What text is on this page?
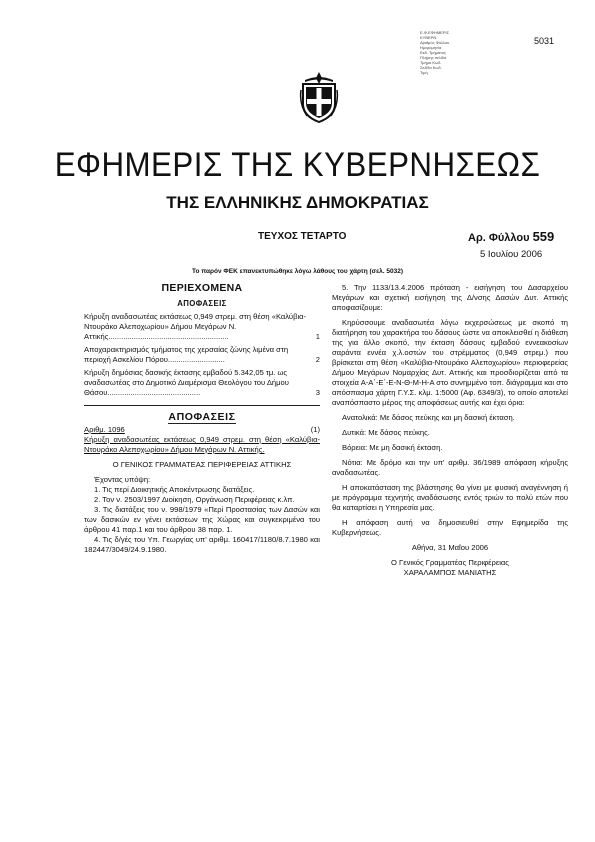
Ε.Φ.ΕΦΗΜΕΡΙΣ
ΚΥΒΕΡΝ.
Αριθμός Φύλλου
Ημερομηνία
Εκδ. Τμήματος
Πλήρης σελίδα
Τμήμα Κωδ.
Σελίδα Κωδ.
Τιμή
5031
ΕΦΗΜΕΡΙΣ ΤΗΣ ΚΥΒΕΡΝΗΣΕΩΣ
ΤΗΣ ΕΛΛΗΝΙΚΗΣ ΔΗΜΟΚΡΑΤΙΑΣ
ΤΕΥΧΟΣ ΤΕΤΑΡΤΟ	Αρ. Φύλλου 559
5 Ιουλίου 2006
Το παρόν ΦΕΚ επανεκτυπώθηκε λόγω λάθους του χάρτη (σελ. 5032)
ΠΕΡΙΕΧΟΜΕΝΑ
ΑΠΟΦΑΣΕΙΣ
Κήρυξη αναδασωτέας εκτάσεως 0,949 στρεμ. στη θέση «Καλύβια-Ντουράκο Αλεποχωρίου» Δήμου Μεγάρων Ν. Αττικής.........................................................	1
Αποχαρακτηρισμός τμήματος της χερσαίας ζώνης λιμένα στη περιοχή Ασκελίου Πόρου...........................	2
Κήρυξη δημόσιας δασικής έκτασης εμβαδού 5.342,05 τμ. ως αναδασωτέας στο Δημοτικό Διαμέρισμα Θεολόγου του Δήμου Θάσου............................................	3
ΑΠΟΦΑΣΕΙΣ
Αριθμ. 1096	(1)

Κήρυξη αναδασωτέας εκτάσεως 0,949 στρεμ. στη θέση «Καλύβια-Ντουράκο Αλεποχωρίου» Δήμου Μεγάρων Ν. Αττικής.

Ο ΓΕΝΙΚΟΣ ΓΡΑΜΜΑΤΕΑΣ ΠΕΡΙΦΕΡΕΙΑΣ ΑΤΤΙΚΗΣ

Έχοντας υπόψη:

1. Τις περί Διοικητικής Αποκέντρωσης διατάξεις.

2. Τον ν. 2503/1997 Διοίκηση, Οργάνωση Περιφέρειας κ.λπ.

3. Τις διατάξεις του ν. 998/1979 «Περί Προστασίας των Δασών και των δασικών εν γένει εκτάσεων της Χώρας και συγκεκριμένα του άρθρου 41 παρ.1 και του άρθρου 38 παρ. 1.

4. Τις δ/γές του Υπ. Γεωργίας υπ' αριθμ. 160417/1180/8.7.1980 και 182447/3049/24.9.1980.

5. Την 1133/13.4.2006 πρόταση - εισήγηση του Δασαρχείου Μεγάρων και σχετική εισήγηση της Δ/νσης Δασών Δυτ. Αττικής αποφασίζουμε:

Κηρύσσουμε αναδασωτέα λόγω εκχερσώσεως με σκοπό τη διατήρηση του χαρακτήρα του δάσους ώστε να αποκλεισθεί η διάθεση της για άλλο σκοπό, την έκταση δάσους εμβαδού εννεακοσίων σαράντα εννέα χ.λ.οστών του στρέμματος (0,949 στρεμ.) που βρίσκεται στη θέση «Καλύβια-Ντουράκο Αλεποχωρίου» περιοφερείας Δήμου Μεγάρων Νομαρχίας Δυτ. Αττικής και προσδιορίζεται από τα στοιχεία Α-Α΄-Ε΄-Ε-Ν-Θ-Μ-Η-Α στο συνημμένο τοπ. διάγραμμα και στο απόσπασμα χάρτη Γ.Υ.Σ. κλμ. 1:5000 (Αφ. 6349/3), το οποίο αποτελεί αναπόσπαστο μέρος της αποφάσεως αυτής και έχει όρια:

Ανατολικά: Με δάσος πεύκης και μη δασική έκταση.

Δυτικά: Με δάσος πεύκης.

Βόρεια: Με μη δασική έκταση.

Νότια: Με δρόμο και την υπ' αριθμ. 36/1989 απόφαση κήρυξης αναδασωτέας.

Η αποκατάσταση της βλάστησης θα γίνει με φυσική αναγέννηση ή με πρόγραμμα τεχνητής αναδάσωσης εντός τριών το πολύ ετών που θα καταρτίσει η Υπηρεσία μας.

Η απόφαση αυτή να δημοσιευθεί στην Εφημερίδα της Κυβερνήσεως.

Αθήνα, 31 Μαΐου 2006

Ο Γενικός Γραμματέας Περιφέρειας

ΧΑΡΑΛΑΜΠΟΣ ΜΑΝΙΑΤΗΣ
